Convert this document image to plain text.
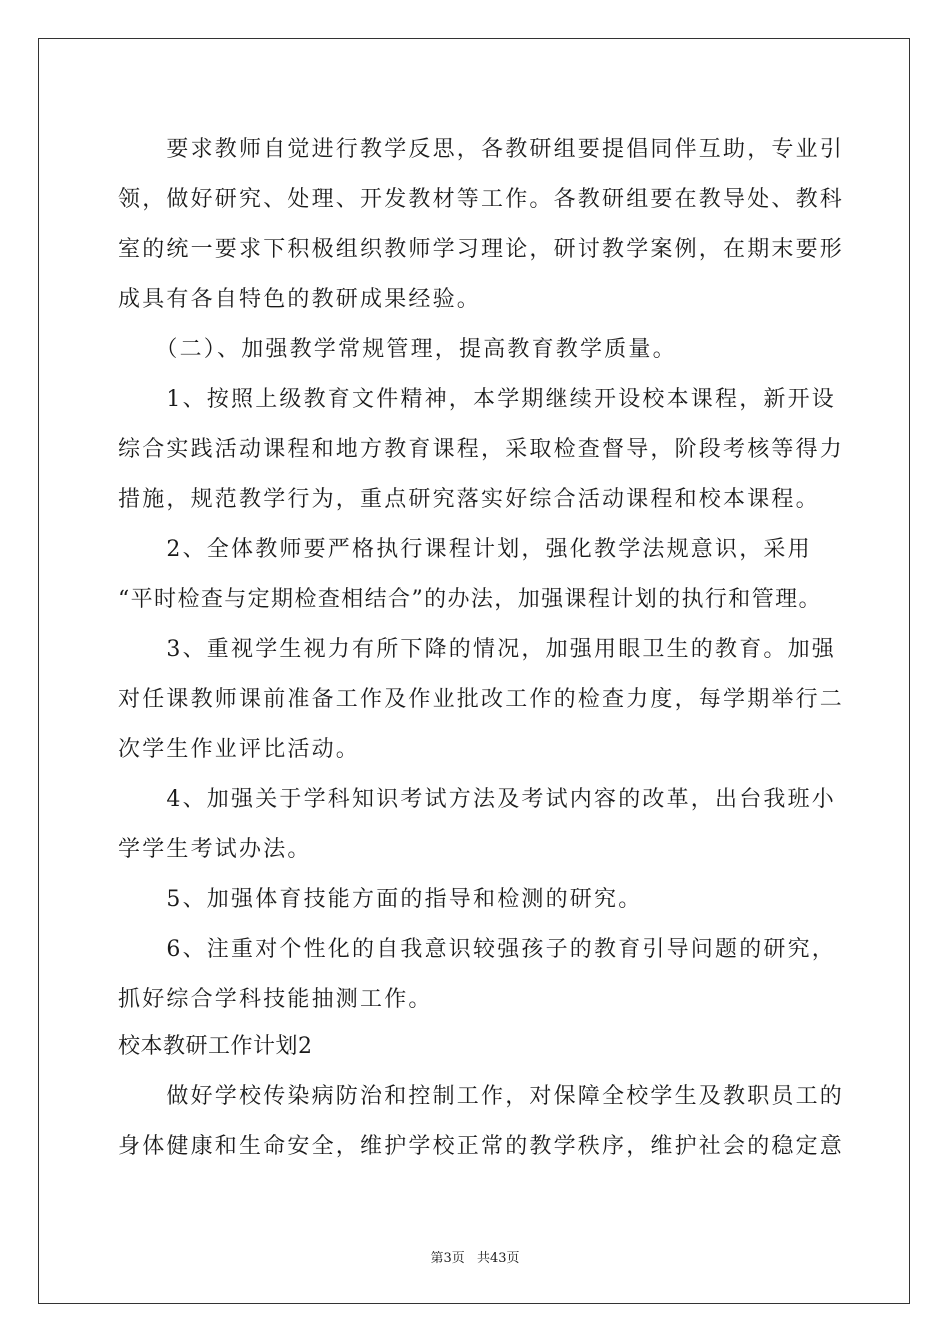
　　要求教师自觉进行教学反思，各教研组要提倡同伴互助，专业引
领，做好研究、处理、开发教材等工作。各教研组要在教导处、教科
室的统一要求下积极组织教师学习理论，研讨教学案例，在期末要形
成具有各自特色的教研成果经验。
　　（二）、加强教学常规管理，提高教育教学质量。
　　1、按照上级教育文件精神，本学期继续开设校本课程，新开设
综合实践活动课程和地方教育课程，采取检查督导，阶段考核等得力
措施，规范教学行为，重点研究落实好综合活动课程和校本课程。
　　2、全体教师要严格执行课程计划，强化教学法规意识，采用
“平时检查与定期检查相结合”的办法，加强课程计划的执行和管理。
　　3、重视学生视力有所下降的情况，加强用眼卫生的教育。加强
对任课教师课前准备工作及作业批改工作的检查力度，每学期举行二
次学生作业评比活动。
　　4、加强关于学科知识考试方法及考试内容的改革，出台我班小
学学生考试办法。
　　5、加强体育技能方面的指导和检测的研究。
　　6、注重对个性化的自我意识较强孩子的教育引导问题的研究，
抓好综合学科技能抽测工作。
校本教研工作计划2
　　做好学校传染病防治和控制工作，对保障全校学生及教职员工的
身体健康和生命安全，维护学校正常的教学秩序，维护社会的稳定意
第3页 共43页
